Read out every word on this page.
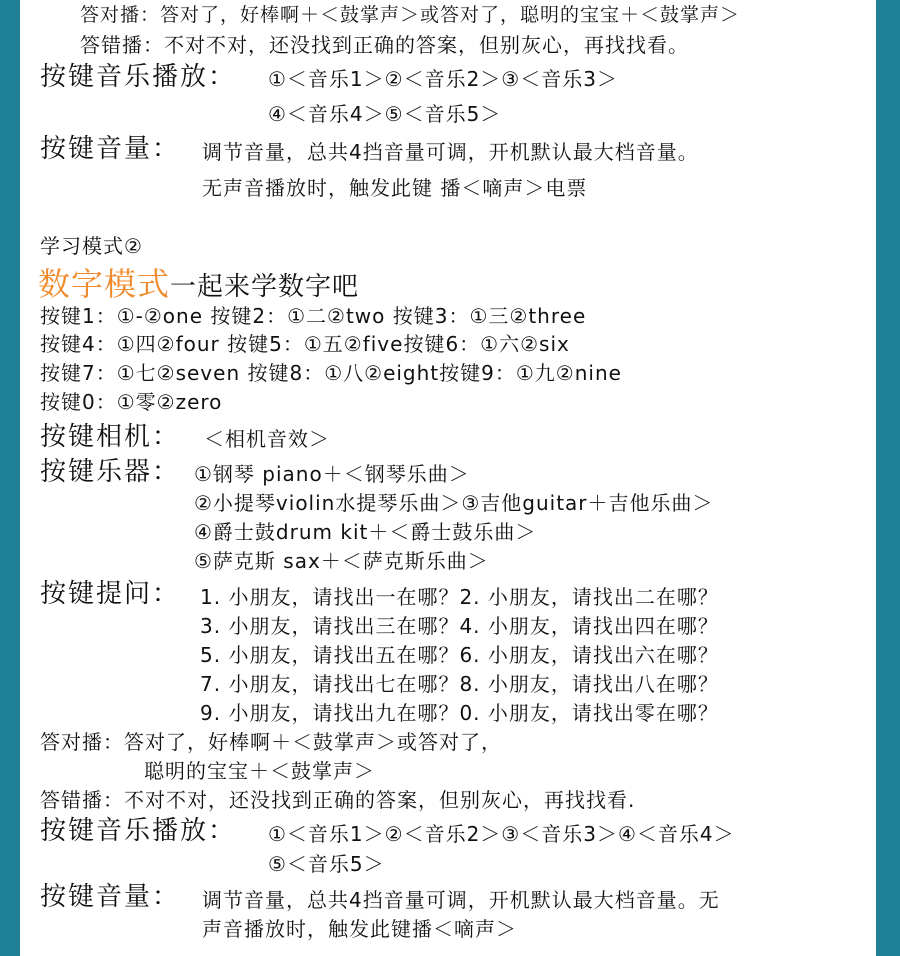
答对播：答对了，好棒啊＋＜鼓掌声＞或答对了，聪明的宝宝＋＜鼓掌声＞
答错播：不对不对，还没找到正确的答案，但别灰心，再找找看。
按键音乐播放： ①＜音乐1＞②＜音乐2＞③＜音乐3＞
④＜音乐4＞⑤＜音乐5＞
按键音量： 调节音量，总共4挡音量可调，开机默认最大档音量。
无声音播放时，触发此键 播＜嘀声＞电票
学习模式②
数字模式一起来学数字吧
按键1：①-②one 按键2：①二②two 按键3：①三②three
按键4：①四②four 按键5：①五②five按键6：①六②six
按键7：①七②seven 按键8：①八②eight按键9：①九②nine
按键0：①零②zero
按键相机： ＜相机音效＞
按键乐器： ①钢琴 piano＋＜钢琴乐曲＞
②小提琴violin水提琴乐曲＞③吉他guitar＋吉他乐曲＞
④爵士鼓drum kit＋＜爵士鼓乐曲＞
⑤萨克斯 sax＋＜萨克斯乐曲＞
按键提问： 1. 小朋友，请找出一在哪？2. 小朋友，请找出二在哪？
3. 小朋友，请找出三在哪？4. 小朋友，请找出四在哪？
5. 小朋友，请找出五在哪？6. 小朋友，请找出六在哪？
7. 小朋友，请找出七在哪？8. 小朋友，请找出八在哪？
9. 小朋友，请找出九在哪？0. 小朋友，请找出零在哪？
答对播：答对了，好棒啊＋＜鼓掌声＞或答对了，
聪明的宝宝＋＜鼓掌声＞
答错播：不对不对，还没找到正确的答案，但别灰心，再找找看.
按键音乐播放： ①＜音乐1＞②＜音乐2＞③＜音乐3＞④＜音乐4＞
⑤＜音乐5＞
按键音量： 调节音量，总共4挡音量可调，开机默认最大档音量。无
声音播放时，触发此键播＜嘀声＞
